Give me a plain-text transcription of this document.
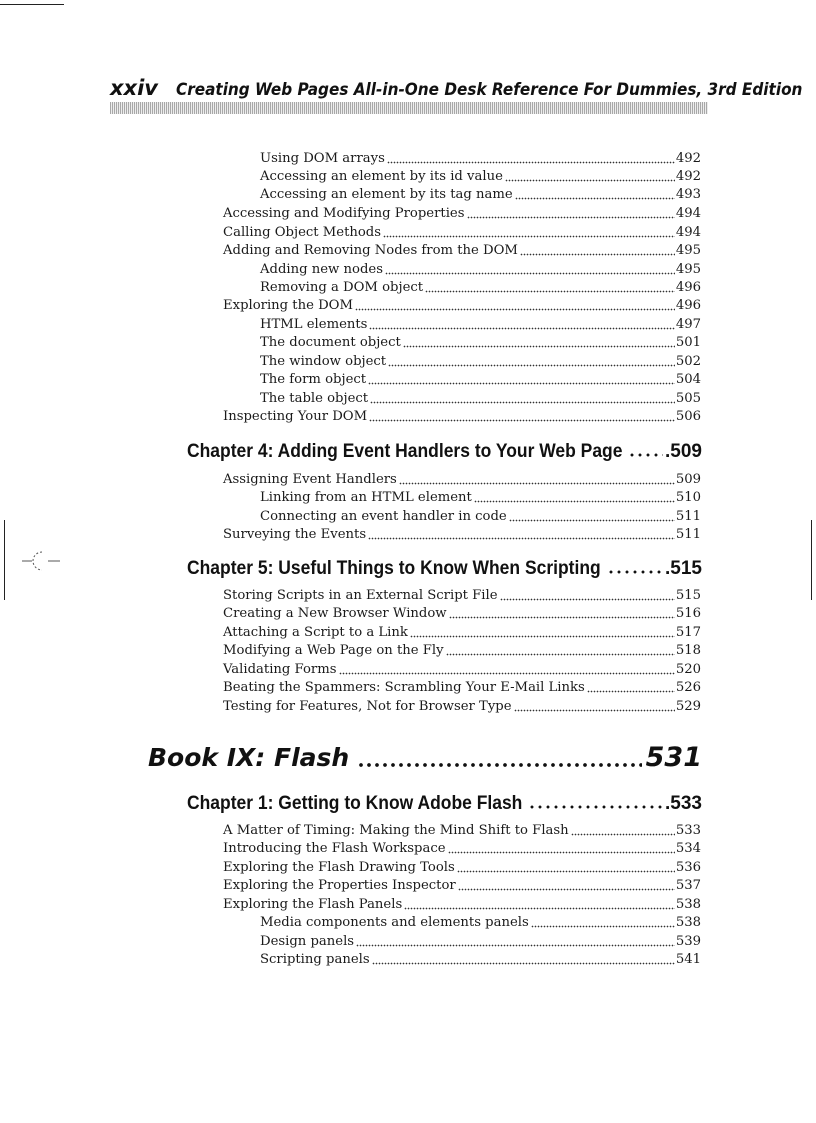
xxiv Creating Web Pages All-in-One Desk Reference For Dummies, 3rd Edition
Using DOM arrays	492
Accessing an element by its id value	492
Accessing an element by its tag name	493
Accessing and Modifying Properties	494
Calling Object Methods	494
Adding and Removing Nodes from the DOM	495
Adding new nodes	495
Removing a DOM object	496
Exploring the DOM	496
HTML elements	497
The document object	501
The window object	502
The form object	504
The table object	505
Inspecting Your DOM	506
Chapter 4: Adding Event Handlers to Your Web Page .509
Assigning Event Handlers	509
Linking from an HTML element	510
Connecting an event handler in code	511
Surveying the Events	511
Chapter 5: Useful Things to Know When Scripting	.515
Storing Scripts in an External Script File	515
Creating a New Browser Window	516
Attaching a Script to a Link	517
Modifying a Web Page on the Fly	518
Validating Forms	520
Beating the Spammers: Scrambling Your E-Mail Links	526
Testing for Features, Not for Browser Type	529
Book IX: Flash	531
Chapter 1: Getting to Know Adobe Flash	.533
A Matter of Timing: Making the Mind Shift to Flash	533
Introducing the Flash Workspace	534
Exploring the Flash Drawing Tools	536
Exploring the Properties Inspector	537
Exploring the Flash Panels	538
Media components and elements panels	538
Design panels	539
Scripting panels	541
